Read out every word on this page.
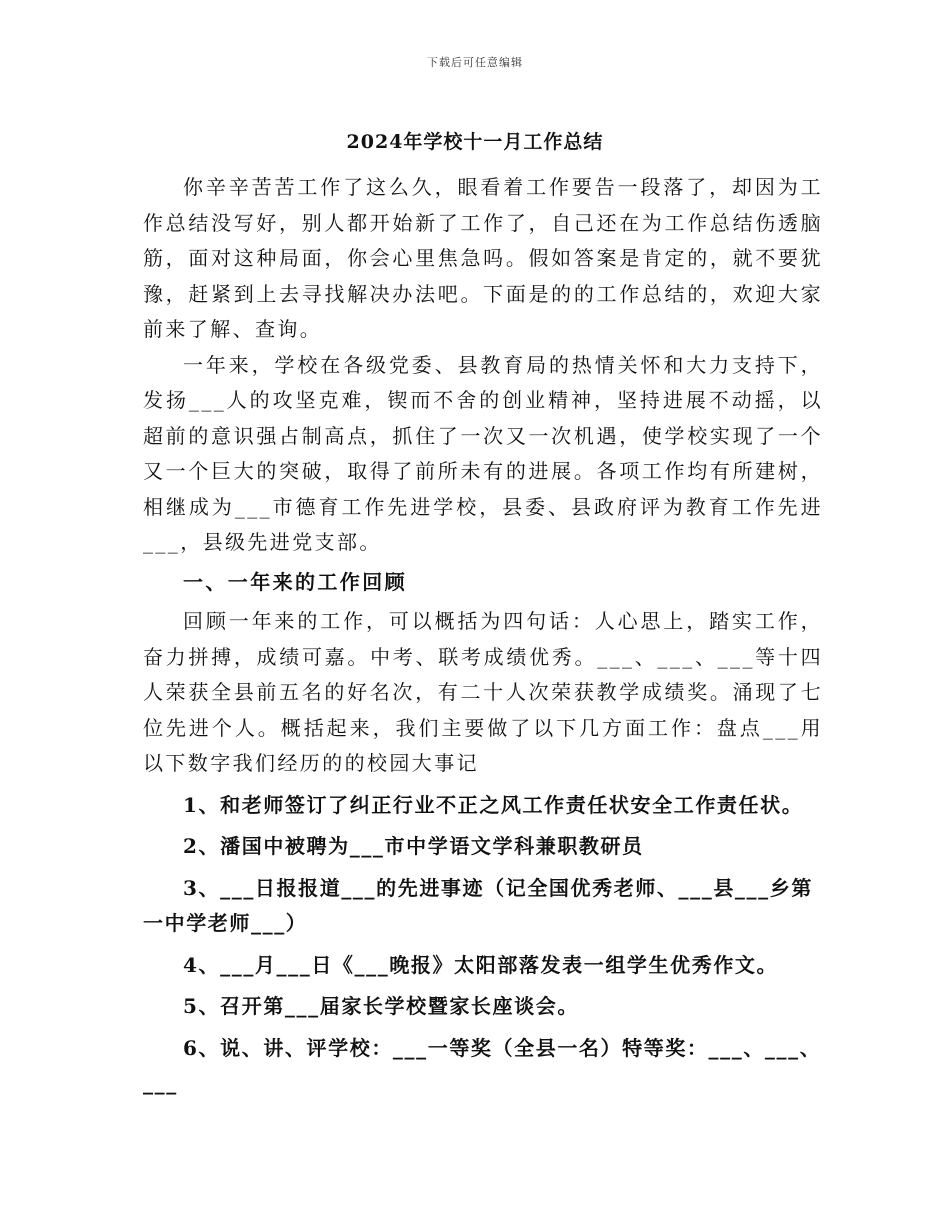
下载后可任意编辑
2024年学校十一月工作总结

你辛辛苦苦工作了这么久，眼看着工作要告一段落了，却因为工作总结没写好，别人都开始新了工作了，自己还在为工作总结伤透脑筋，面对这种局面，你会心里焦急吗。假如答案是肯定的，就不要犹豫，赶紧到上去寻找解决办法吧。下面是的的工作总结的，欢迎大家前来了解、查询。

一年来，学校在各级党委、县教育局的热情关怀和大力支持下，发扬___人的攻坚克难，锲而不舍的创业精神，坚持进展不动摇，以超前的意识强占制高点，抓住了一次又一次机遇，使学校实现了一个又一个巨大的突破，取得了前所未有的进展。各项工作均有所建树，相继成为___市德育工作先进学校，县委、县政府评为教育工作先进___，县级先进党支部。

一、一年来的工作回顾

回顾一年来的工作，可以概括为四句话：人心思上，踏实工作，奋力拼搏，成绩可嘉。中考、联考成绩优秀。___、___、___等十四人荣获全县前五名的好名次，有二十人次荣获教学成绩奖。涌现了七位先进个人。概括起来，我们主要做了以下几方面工作：盘点___用以下数字我们经历的的校园大事记

1、和老师签订了纠正行业不正之风工作责任状安全工作责任状。

2、潘国中被聘为___市中学语文学科兼职教研员

3、___日报报道___的先进事迹（记全国优秀老师、___县___乡第一中学老师___）

4、___月___日《___晚报》太阳部落发表一组学生优秀作文。

5、召开第___届家长学校暨家长座谈会。

6、说、讲、评学校：___一等奖（全县一名）特等奖：___、___、___
